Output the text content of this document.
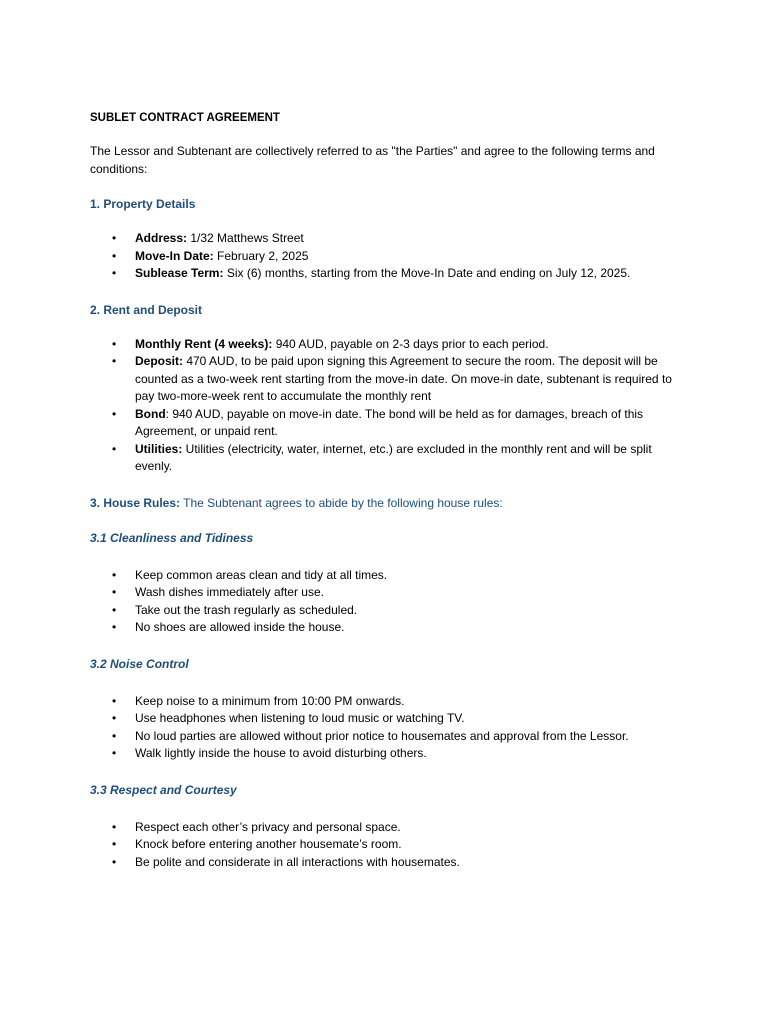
SUBLET CONTRACT AGREEMENT
The Lessor and Subtenant are collectively referred to as "the Parties" and agree to the following terms and conditions:
1. Property Details
• Address: 1/32 Matthews Street
• Move-In Date: February 2, 2025
• Sublease Term: Six (6) months, starting from the Move-In Date and ending on July 12, 2025.
2. Rent and Deposit
• Monthly Rent (4 weeks): 940 AUD, payable on 2-3 days prior to each period.
• Deposit: 470 AUD, to be paid upon signing this Agreement to secure the room. The deposit will be counted as a two-week rent starting from the move-in date. On move-in date, subtenant is required to pay two-more-week rent to accumulate the monthly rent
• Bond: 940 AUD, payable on move-in date. The bond will be held as for damages, breach of this Agreement, or unpaid rent.
• Utilities: Utilities (electricity, water, internet, etc.) are excluded in the monthly rent and will be split evenly.
3. House Rules: The Subtenant agrees to abide by the following house rules:
3.1 Cleanliness and Tidiness
• Keep common areas clean and tidy at all times.
• Wash dishes immediately after use.
• Take out the trash regularly as scheduled.
• No shoes are allowed inside the house.
3.2 Noise Control
• Keep noise to a minimum from 10:00 PM onwards.
• Use headphones when listening to loud music or watching TV.
• No loud parties are allowed without prior notice to housemates and approval from the Lessor.
• Walk lightly inside the house to avoid disturbing others.
3.3 Respect and Courtesy
• Respect each other’s privacy and personal space.
• Knock before entering another housemate’s room.
• Be polite and considerate in all interactions with housemates.
